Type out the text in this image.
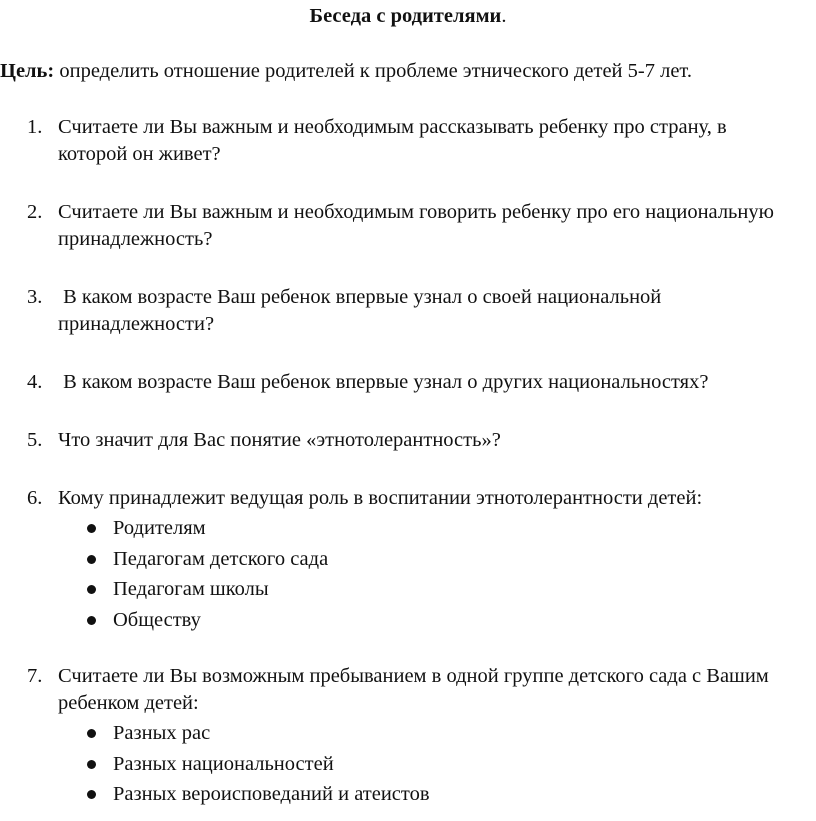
Беседа с родителями.

Цель: определить отношение родителей к проблеме этнического детей 5-7 лет.

1. Считаете ли Вы важным и необходимым рассказывать ребенку про страну, в которой он живет?
2. Считаете ли Вы важным и необходимым говорить ребенку про его национальную принадлежность?
3. В каком возрасте Ваш ребенок впервые узнал о своей национальной принадлежности?
4. В каком возрасте Ваш ребенок впервые узнал о других национальностях?
5. Что значит для Вас понятие «этнотолерантность»?
6. Кому принадлежит ведущая роль в воспитании этнотолерантности детей:
Родителям
Педагогам детского сада
Педагогам школы
Обществу
7. Считаете ли Вы возможным пребыванием в одной группе детского сада с Вашим ребенком детей:
Разных рас
Разных национальностей
Разных вероисповеданий и атеистов
